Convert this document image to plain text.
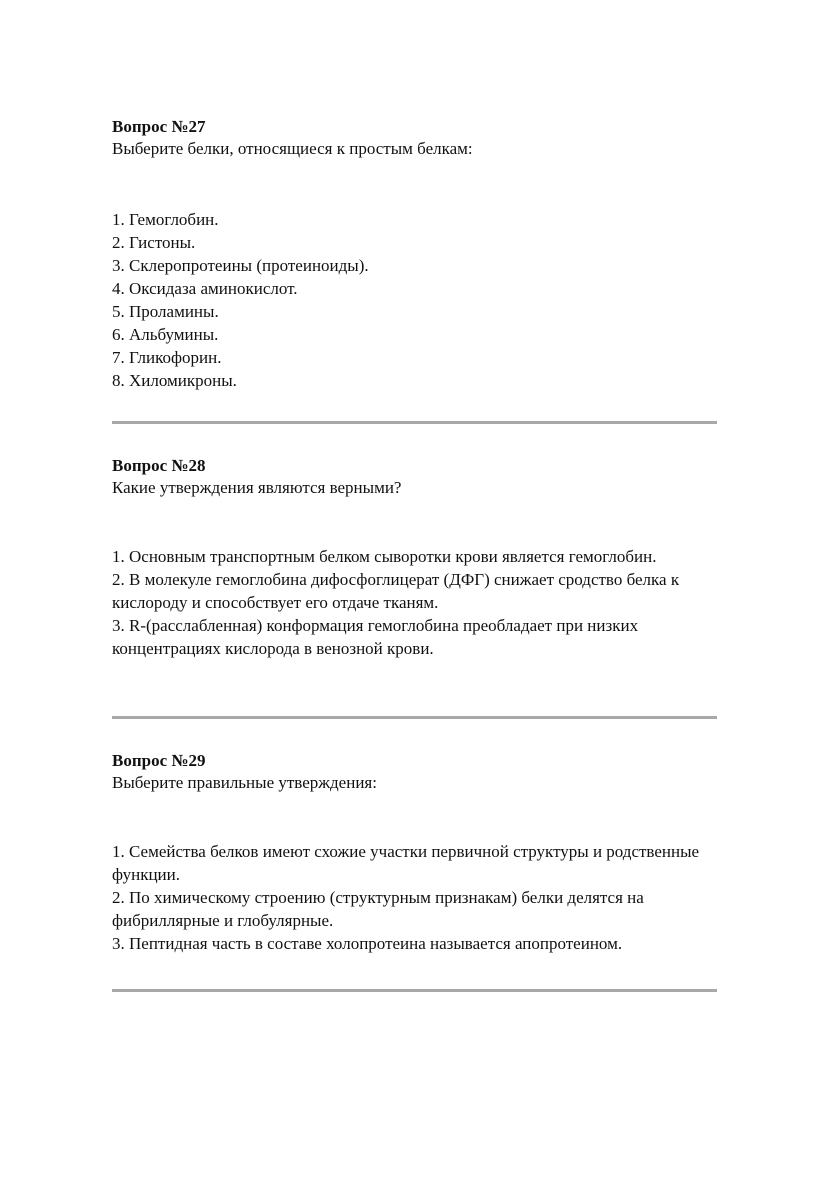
Вопрос №27

Выберите белки, относящиеся к простым белкам:

1. Гемоглобин.
2. Гистоны.
3. Склеропротеины (протеиноиды).
4. Оксидаза аминокислот.
5. Проламины.
6. Альбумины.
7. Гликофорин.
8. Хиломикроны.

Вопрос №28

Какие утверждения являются верными?

1. Основным транспортным белком сыворотки крови является гемоглобин.
2. В молекуле гемоглобина дифосфоглицерат (ДФГ) снижает сродство белка к кислороду и способствует его отдаче тканям.
3. R-(расслабленная) конформация гемоглобина преобладает при низких концентрациях кислорода в венозной крови.

Вопрос №29

Выберите правильные утверждения:

1. Семейства белков имеют схожие участки первичной структуры и родственные функции.
2. По химическому строению (структурным признакам) белки делятся на фибриллярные и глобулярные.
3. Пептидная часть в составе холопротеина называется апопротеином.
